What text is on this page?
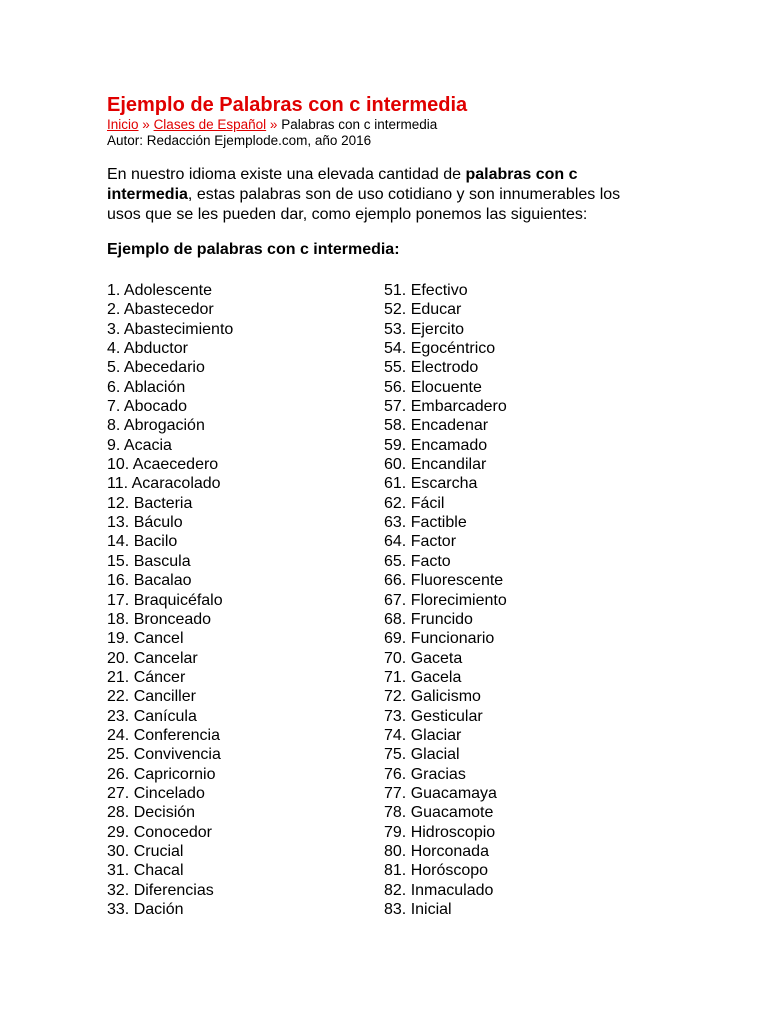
Ejemplo de Palabras con c intermedia
Inicio » Clases de Español » Palabras con c intermedia
Autor: Redacción Ejemplode.com, año 2016

En nuestro idioma existe una elevada cantidad de palabras con c intermedia, estas palabras son de uso cotidiano y son innumerables los usos que se les pueden dar, como ejemplo ponemos las siguientes:

Ejemplo de palabras con c intermedia:
1. Adolescente
2. Abastecedor
3. Abastecimiento
4. Abductor
5. Abecedario
6. Ablación
7. Abocado
8. Abrogación
9. Acacia
10. Acaecedero
11. Acaracolado
12. Bacteria
13. Báculo
14. Bacilo
15. Bascula
16. Bacalao
17. Braquicéfalo
18. Bronceado
19. Cancel
20. Cancelar
21. Cáncer
22. Canciller
23. Canícula
24. Conferencia
25. Convivencia
26. Capricornio
27. Cincelado
28. Decisión
29. Conocedor
30. Crucial
31. Chacal
32. Diferencias
33. Dación
51. Efectivo
52. Educar
53. Ejercito
54. Egocéntrico
55. Electrodo
56. Elocuente
57. Embarcadero
58. Encadenar
59. Encamado
60. Encandilar
61. Escarcha
62. Fácil
63. Factible
64. Factor
65. Facto
66. Fluorescente
67. Florecimiento
68. Fruncido
69. Funcionario
70. Gaceta
71. Gacela
72. Galicismo
73. Gesticular
74. Glaciar
75. Glacial
76. Gracias
77. Guacamaya
78. Guacamote
79. Hidroscopio
80. Horconada
81. Horóscopo
82. Inmaculado
83. Inicial
